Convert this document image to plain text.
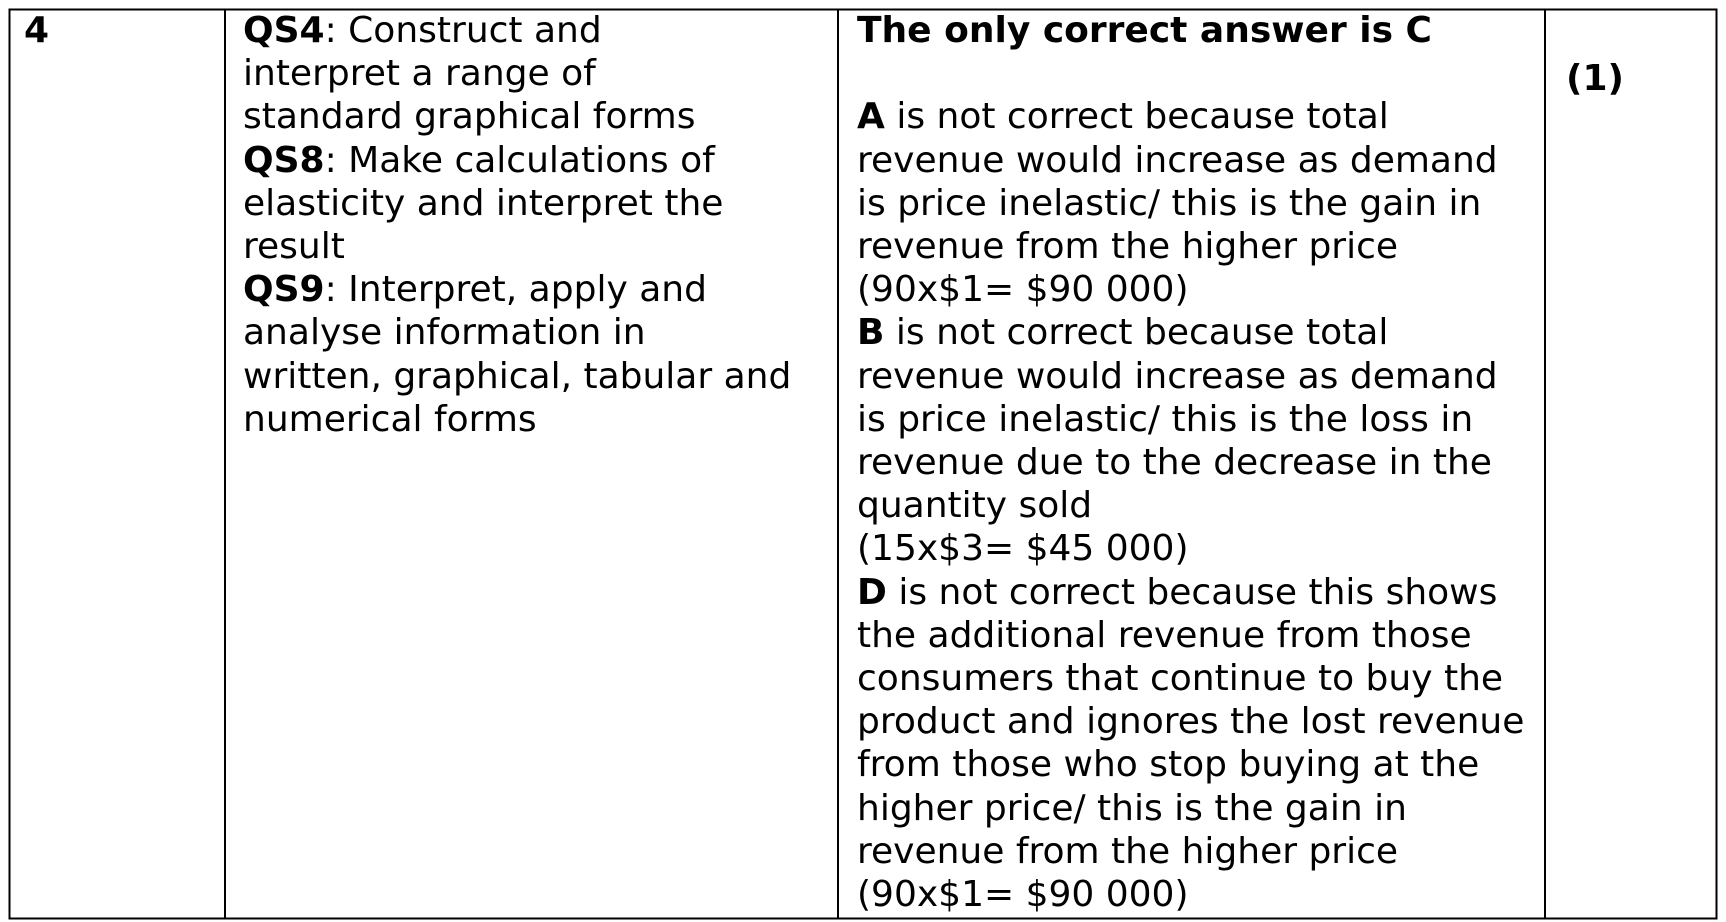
4	QS4: Construct and
interpret a range of
standard graphical forms
QS8: Make calculations of
elasticity and interpret the
result
QS9: Interpret, apply and
analyse information in
written, graphical, tabular and
numerical forms
The only correct answer is C
A is not correct because total
revenue would increase as demand
is price inelastic/ this is the gain in
revenue from the higher price
(90x$1= $90 000)
B is not correct because total
revenue would increase as demand
is price inelastic/ this is the loss in
revenue due to the decrease in the
quantity sold
(15x$3= $45 000)
D is not correct because this shows
the additional revenue from those
consumers that continue to buy the
product and ignores the lost revenue
from those who stop buying at the
higher price/ this is the gain in
revenue from the higher price
(90x$1= $90 000)
(1)
